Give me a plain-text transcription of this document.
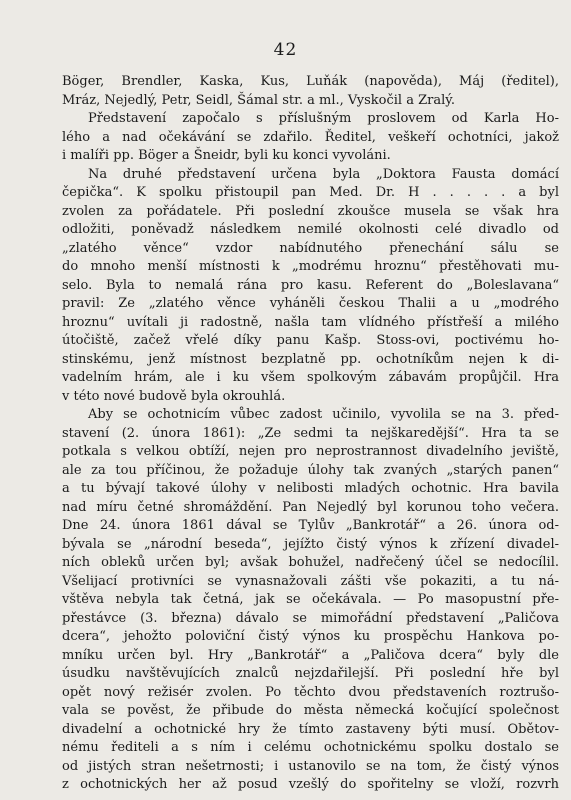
42
Böger, Brendler, Kaska, Kus, Luňák (napověda), Máj (ředitel),
Mráz, Nejedlý, Petr, Seidl, Šámal str. a ml., Vyskočil a Zralý.
Představení započalo s příslušným proslovem od Karla Ho-
lého a nad očekávání se zdařilo. Ředitel, veškeří ochotníci, jakož
i malíři pp. Böger a Šneidr, byli ku konci vyvoláni.
Na druhé představení určena byla „Doktora Fausta domácí
čepička“. K spolku přistoupil pan Med. Dr. H . . . . . a byl
zvolen za pořádatele. Při poslední zkoušce musela se však hra
odložiti, poněvadž následkem nemilé okolnosti celé divadlo od
„zlatého věnce“ vzdor nabídnutého přenechání sálu se
do mnoho menší místnosti k „modrému hroznu“ přestěhovati mu-
selo. Byla to nemalá rána pro kasu. Referent do „Boleslavana“
pravil: Ze „zlatého věnce vyháněli českou Thalii a u „modrého
hroznu“ uvítali ji radostně, našla tam vlídného přístřeší a milého
útočiště, začež vřelé díky panu Kašp. Stoss-ovi, poctivému ho-
stinskému, jenž místnost bezplatně pp. ochotníkům nejen k di-
vadelním hrám, ale i ku všem spolkovým zábavám propůjčil. Hra
v této nové budově byla okrouhlá.
Aby se ochotnicím vůbec zadost učinilo, vyvolila se na 3. před-
stavení (2. února 1861): „Ze sedmi ta nejškaredější“. Hra ta se
potkala s velkou obtíží, nejen pro neprostrannost divadelního jeviště,
ale za tou příčinou, že požaduje úlohy tak zvaných „starých panen“
a tu bývají takové úlohy v nelibosti mladých ochotnic. Hra bavila
nad míru četné shromáždění. Pan Nejedlý byl korunou toho večera.
Dne 24. února 1861 dával se Tylův „Bankrotář“ a 26. února od-
bývala se „národní beseda“, jejížto čistý výnos k zřízení divadel-
ních obleků určen byl; avšak bohužel, nadřečený účel se nedocílil.
Všelijací protivníci se vynasnažovali zášti vše pokaziti, a tu ná-
vštěva nebyla tak četná, jak se očekávala. — Po masopustní pře-
přestávce (3. března) dávalo se mimořádní představení „Paličova
dcera“, jehožto poloviční čistý výnos ku prospěchu Hankova po-
mníku určen byl. Hry „Bankrotář“ a „Paličova dcera“ byly dle
úsudku navštěvujících znalců nejzdařilejší. Při poslední hře byl
opět nový režisér zvolen. Po těchto dvou představeních roztrušo-
vala se pověst, že přibude do města německá kočující společnost
divadelní a ochotnické hry že tímto zastaveny býti musí. Obětov-
nému řediteli a s ním i celému ochotnickému spolku dostalo se
od jistých stran nešetrnosti; i ustanovilo se na tom, že čistý výnos
z ochotnických her až posud vzešlý do spořitelny se vloží, rozvrh
